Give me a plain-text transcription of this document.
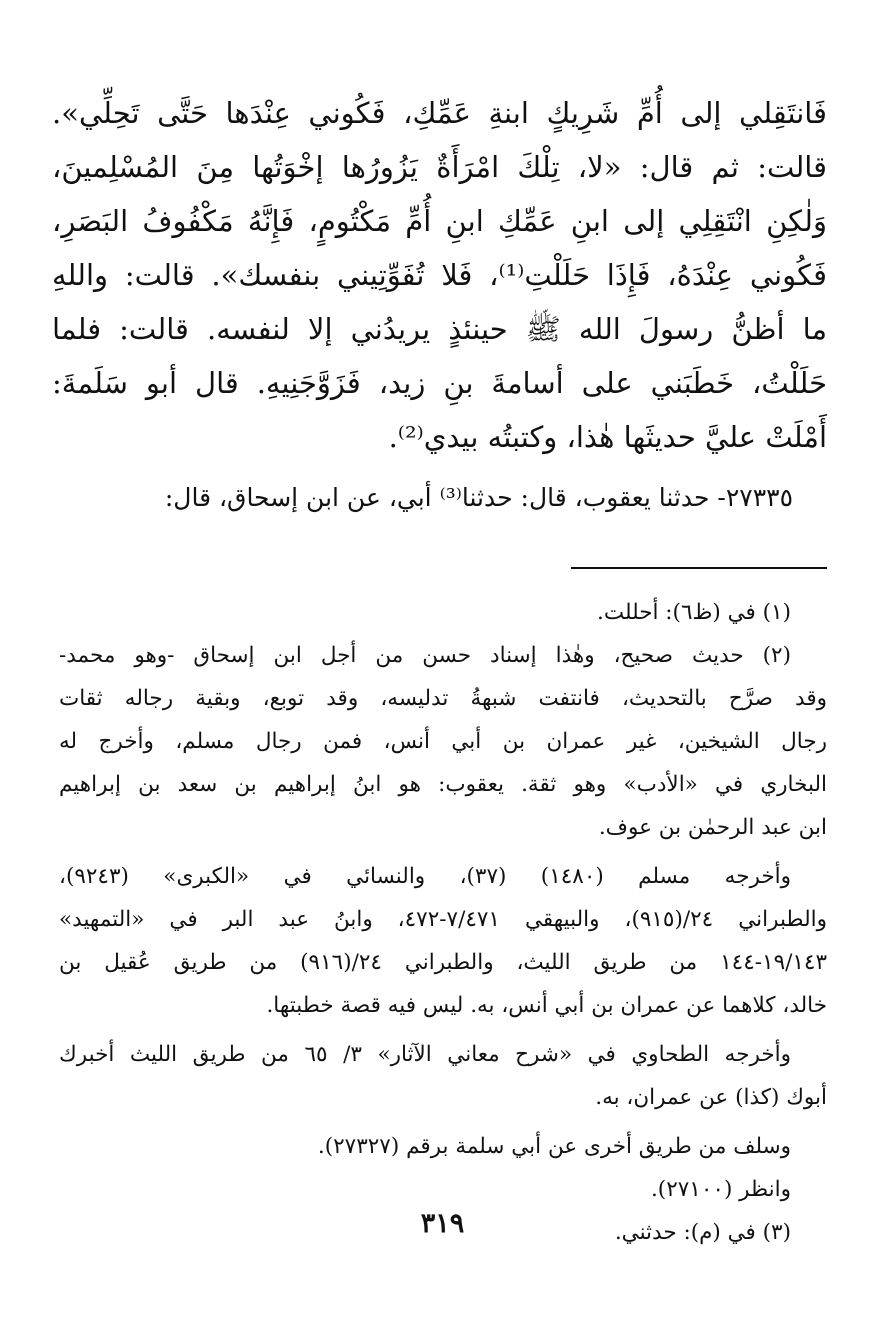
فَانتَقِلي إلى أُمِّ شَرِيكٍ ابنةِ عَمِّكِ، فَكُوني عِنْدَها حَتَّى تَحِلِّي».
قالت: ثم قال: «لا، تِلْكَ امْرَأَةٌ يَزُورُها إخْوَتُها مِنَ المُسْلِمينَ،
وَلٰكِنِ انْتَقِلِي إلى ابنِ عَمِّكِ ابنِ أُمِّ مَكْتُومٍ، فَإِنَّهُ مَكْفُوفُ البَصَرِ،
فَكُوني عِنْدَهُ، فَإِذَا حَلَلْتِ⁽¹⁾، فَلا تُفَوِّتِيني بنفسك». قالت: واللهِ
ما أظنُّ رسولَ الله ﷺ حينئذٍ يريدُني إلا لنفسه. قالت: فلما
حَلَلْتُ، خَطَبَني على أسامةَ بنِ زيد، فَزَوَّجَنِيهِ. قال أبو سَلَمةَ:
أَمْلَتْ عليَّ حديثَها هٰذا، وكتبتُه بيدي⁽²⁾.
٢٧٣٣٥- حدثنا يعقوب، قال: حدثنا⁽³⁾ أبي، عن ابن إسحاق، قال:

(١) في (ظ٦): أحللت.

(٢) حديث صحيح، وهٰذا إسناد حسن من أجل ابن إسحاق -وهو محمد-
وقد صرَّح بالتحديث، فانتفت شبهةُ تدليسه، وقد توبع، وبقية رجاله ثقات
رجال الشيخين، غير عمران بن أبي أنس، فمن رجال مسلم، وأخرج له
البخاري في «الأدب» وهو ثقة. يعقوب: هو ابنُ إبراهيم بن سعد بن إبراهيم
ابن عبد الرحمٰن بن عوف.

وأخرجه مسلم (١٤٨٠) (٣٧)، والنسائي في «الكبرى» (٩٢٤٣)،
والطبراني ٢٤/(٩١٥)، والبيهقي ٧/٤٧١-٤٧٢، وابنُ عبد البر في «التمهيد»
١٩/١٤٣-١٤٤ من طريق الليث، والطبراني ٢٤/(٩١٦) من طريق عُقيل بن
خالد، كلاهما عن عمران بن أبي أنس، به. ليس فيه قصة خطبتها.

وأخرجه الطحاوي في «شرح معاني الآثار» ٣/ ٦٥ من طريق الليث أخبرك
أبوك (كذا) عن عمران، به.

وسلف من طريق أخرى عن أبي سلمة برقم (٢٧٣٢٧).

وانظر (٢٧١٠٠).

(٣) في (م): حدثني.

٣١٩
